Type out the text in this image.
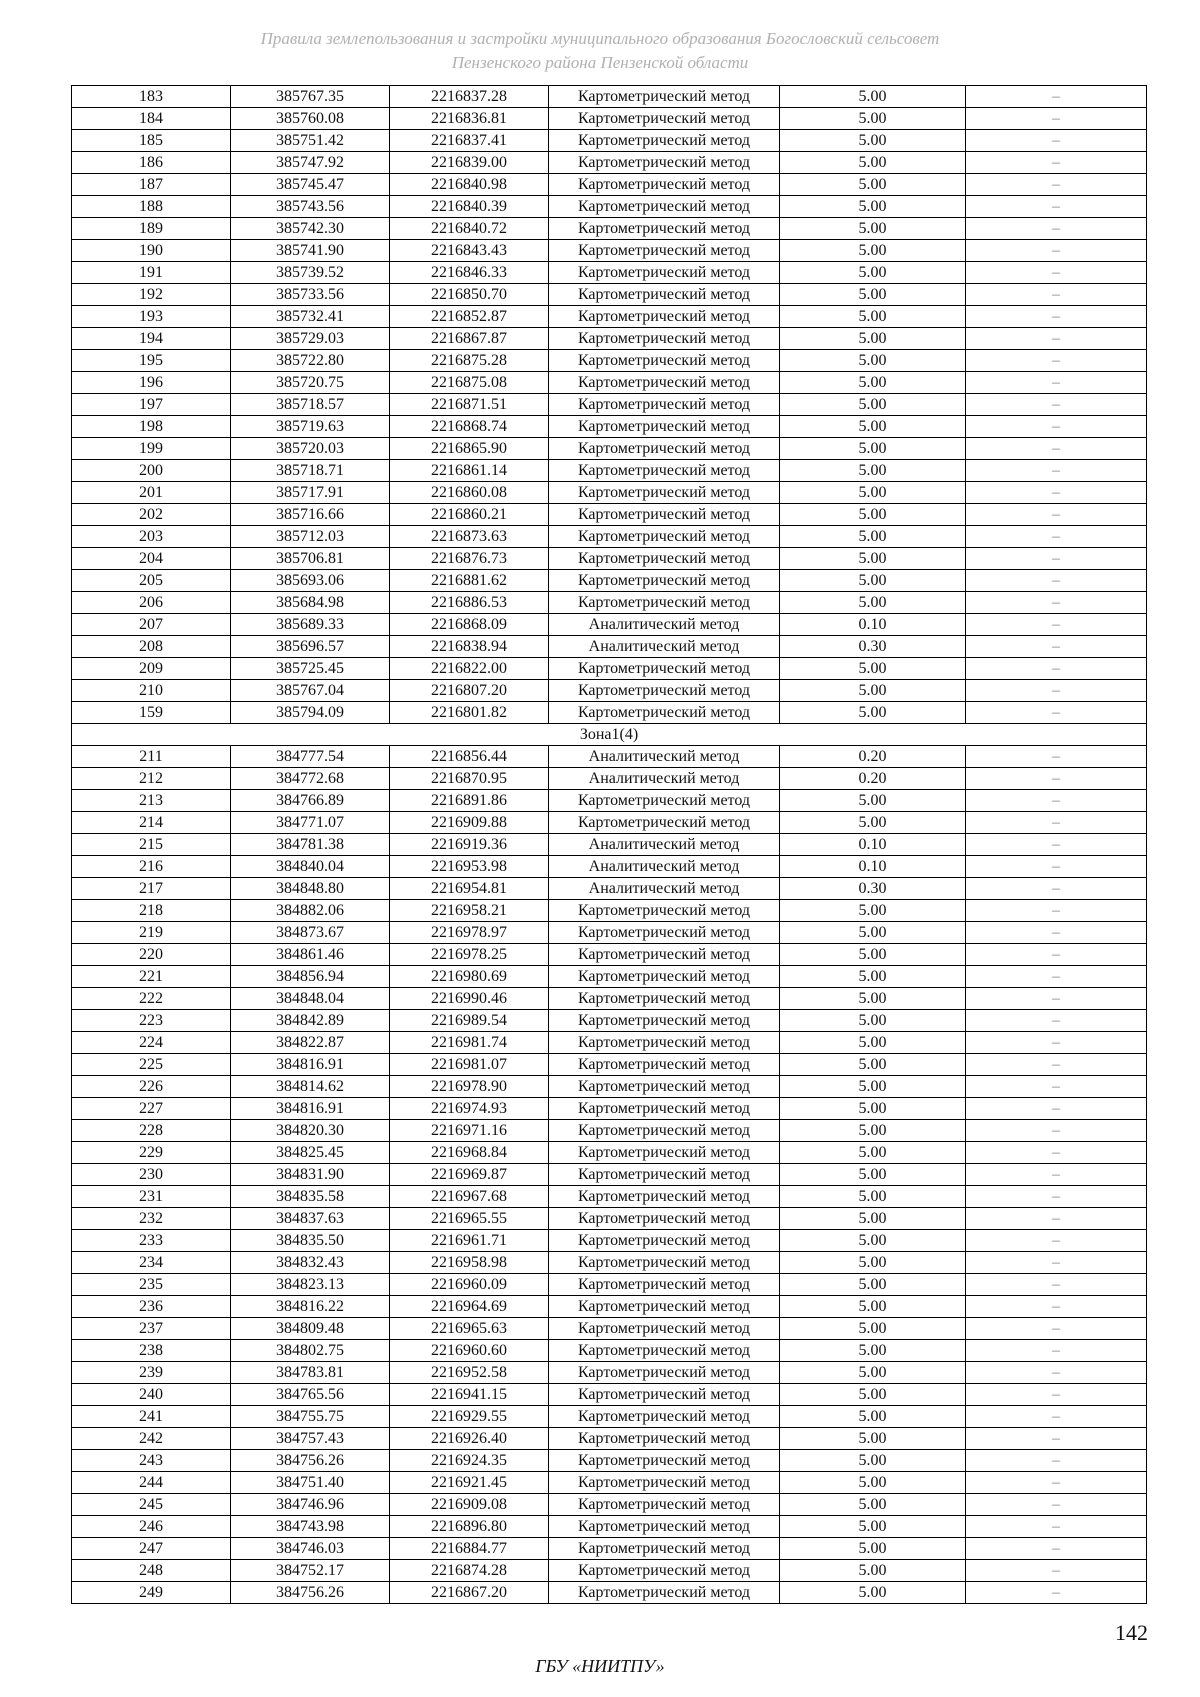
Правила землепользования и застройки муниципального образования Богословский сельсовет
Пензенского района Пензенской области
183	385767.35	2216837.28	Картометрический метод	5.00	–
184	385760.08	2216836.81	Картометрический метод	5.00	–
185	385751.42	2216837.41	Картометрический метод	5.00	–
186	385747.92	2216839.00	Картометрический метод	5.00	–
187	385745.47	2216840.98	Картометрический метод	5.00	–
188	385743.56	2216840.39	Картометрический метод	5.00	–
189	385742.30	2216840.72	Картометрический метод	5.00	–
190	385741.90	2216843.43	Картометрический метод	5.00	–
191	385739.52	2216846.33	Картометрический метод	5.00	–
192	385733.56	2216850.70	Картометрический метод	5.00	–
193	385732.41	2216852.87	Картометрический метод	5.00	–
194	385729.03	2216867.87	Картометрический метод	5.00	–
195	385722.80	2216875.28	Картометрический метод	5.00	–
196	385720.75	2216875.08	Картометрический метод	5.00	–
197	385718.57	2216871.51	Картометрический метод	5.00	–
198	385719.63	2216868.74	Картометрический метод	5.00	–
199	385720.03	2216865.90	Картометрический метод	5.00	–
200	385718.71	2216861.14	Картометрический метод	5.00	–
201	385717.91	2216860.08	Картометрический метод	5.00	–
202	385716.66	2216860.21	Картометрический метод	5.00	–
203	385712.03	2216873.63	Картометрический метод	5.00	–
204	385706.81	2216876.73	Картометрический метод	5.00	–
205	385693.06	2216881.62	Картометрический метод	5.00	–
206	385684.98	2216886.53	Картометрический метод	5.00	–
207	385689.33	2216868.09	Аналитический метод	0.10	–
208	385696.57	2216838.94	Аналитический метод	0.30	–
209	385725.45	2216822.00	Картометрический метод	5.00	–
210	385767.04	2216807.20	Картометрический метод	5.00	–
159	385794.09	2216801.82	Картометрический метод	5.00	–
Зона1(4)					
211	384777.54	2216856.44	Аналитический метод	0.20	–
212	384772.68	2216870.95	Аналитический метод	0.20	–
213	384766.89	2216891.86	Картометрический метод	5.00	–
214	384771.07	2216909.88	Картометрический метод	5.00	–
215	384781.38	2216919.36	Аналитический метод	0.10	–
216	384840.04	2216953.98	Аналитический метод	0.10	–
217	384848.80	2216954.81	Аналитический метод	0.30	–
218	384882.06	2216958.21	Картометрический метод	5.00	–
219	384873.67	2216978.97	Картометрический метод	5.00	–
220	384861.46	2216978.25	Картометрический метод	5.00	–
221	384856.94	2216980.69	Картометрический метод	5.00	–
222	384848.04	2216990.46	Картометрический метод	5.00	–
223	384842.89	2216989.54	Картометрический метод	5.00	–
224	384822.87	2216981.74	Картометрический метод	5.00	–
225	384816.91	2216981.07	Картометрический метод	5.00	–
226	384814.62	2216978.90	Картометрический метод	5.00	–
227	384816.91	2216974.93	Картометрический метод	5.00	–
228	384820.30	2216971.16	Картометрический метод	5.00	–
229	384825.45	2216968.84	Картометрический метод	5.00	–
230	384831.90	2216969.87	Картометрический метод	5.00	–
231	384835.58	2216967.68	Картометрический метод	5.00	–
232	384837.63	2216965.55	Картометрический метод	5.00	–
233	384835.50	2216961.71	Картометрический метод	5.00	–
234	384832.43	2216958.98	Картометрический метод	5.00	–
235	384823.13	2216960.09	Картометрический метод	5.00	–
236	384816.22	2216964.69	Картометрический метод	5.00	–
237	384809.48	2216965.63	Картометрический метод	5.00	–
238	384802.75	2216960.60	Картометрический метод	5.00	–
239	384783.81	2216952.58	Картометрический метод	5.00	–
240	384765.56	2216941.15	Картометрический метод	5.00	–
241	384755.75	2216929.55	Картометрический метод	5.00	–
242	384757.43	2216926.40	Картометрический метод	5.00	–
243	384756.26	2216924.35	Картометрический метод	5.00	–
244	384751.40	2216921.45	Картометрический метод	5.00	–
245	384746.96	2216909.08	Картометрический метод	5.00	–
246	384743.98	2216896.80	Картометрический метод	5.00	–
247	384746.03	2216884.77	Картометрический метод	5.00	–
248	384752.17	2216874.28	Картометрический метод	5.00	–
249	384756.26	2216867.20	Картометрический метод	5.00	–
142
ГБУ «НИИТПУ»
